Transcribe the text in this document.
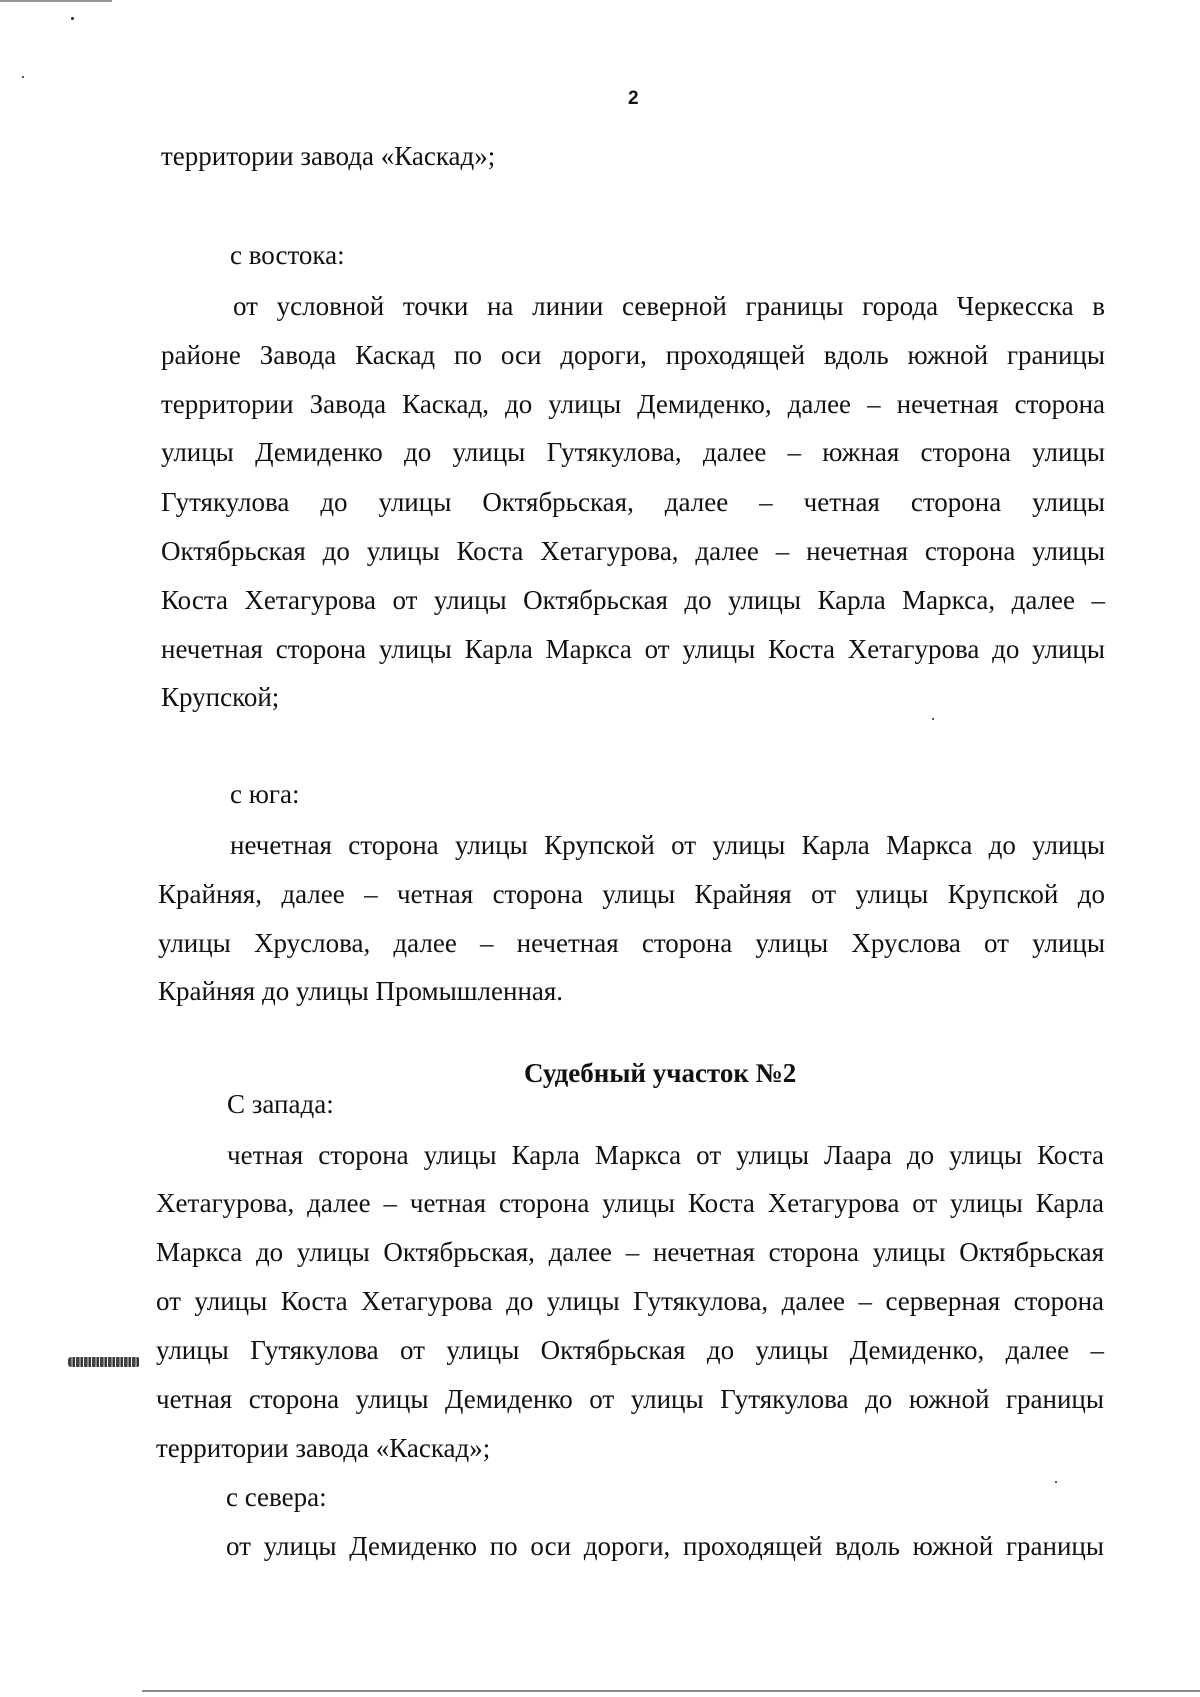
2
территории завода «Каскад»;
с востока:
от условной точки на линии северной границы города Черкесска в
районе Завода Каскад по оси дороги, проходящей вдоль южной границы
территории Завода Каскад, до улицы Демиденко, далее – нечетная сторона
улицы Демиденко до улицы Гутякулова, далее – южная сторона улицы
Гутякулова до улицы Октябрьская, далее – четная сторона улицы
Октябрьская до улицы Коста Хетагурова, далее – нечетная сторона улицы
Коста Хетагурова от улицы Октябрьская до улицы Карла Маркса, далее –
нечетная сторона улицы Карла Маркса от улицы Коста Хетагурова до улицы
Крупской;
с юга:
нечетная сторона улицы Крупской от улицы Карла Маркса до улицы
Крайняя, далее – четная сторона улицы Крайняя от улицы Крупской до
улицы Хруслова, далее – нечетная сторона улицы Хруслова от улицы
Крайняя до улицы Промышленная.
Судебный участок №2
С запада:
четная сторона улицы Карла Маркса от улицы Лаара до улицы Коста
Хетагурова, далее – четная сторона улицы Коста Хетагурова от улицы Карла
Маркса до улицы Октябрьская, далее – нечетная сторона улицы Октябрьская
от улицы Коста Хетагурова до улицы Гутякулова, далее – серверная сторона
улицы Гутякулова от улицы Октябрьская до улицы Демиденко, далее –
четная сторона улицы Демиденко от улицы Гутякулова до южной границы
территории завода «Каскад»;
с севера:
от улицы Демиденко по оси дороги, проходящей вдоль южной границы
